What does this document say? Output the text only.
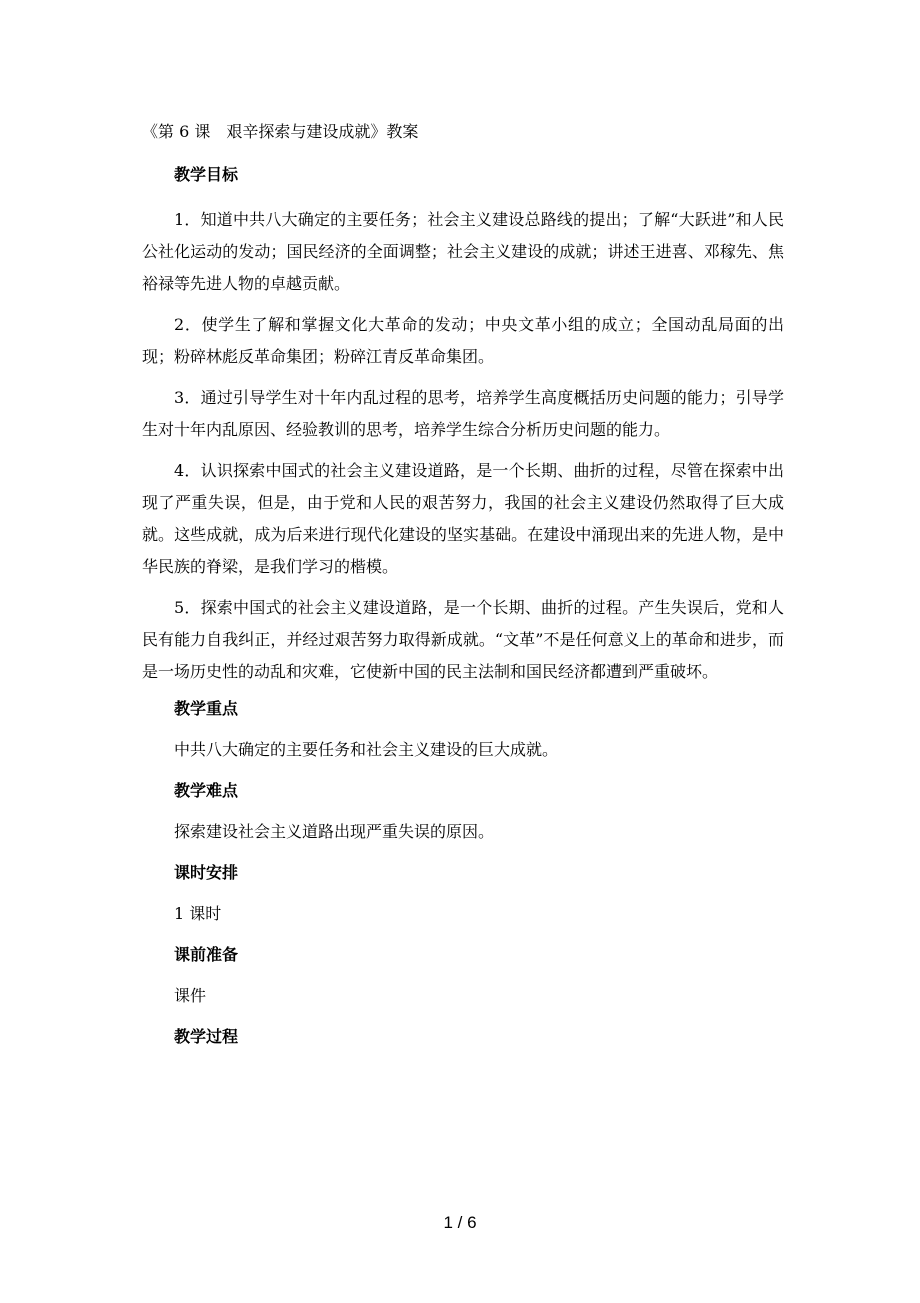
《第 6 课　艰辛探索与建设成就》教案

教学目标

1．知道中共八大确定的主要任务；社会主义建设总路线的提出；了解“大跃进”和人民公社化运动的发动；国民经济的全面调整；社会主义建设的成就；讲述王进喜、邓稼先、焦裕禄等先进人物的卓越贡献。

2．使学生了解和掌握文化大革命的发动；中央文革小组的成立；全国动乱局面的出现；粉碎林彪反革命集团；粉碎江青反革命集团。

3．通过引导学生对十年内乱过程的思考，培养学生高度概括历史问题的能力；引导学生对十年内乱原因、经验教训的思考，培养学生综合分析历史问题的能力。

4．认识探索中国式的社会主义建设道路，是一个长期、曲折的过程，尽管在探索中出现了严重失误，但是，由于党和人民的艰苦努力，我国的社会主义建设仍然取得了巨大成就。这些成就，成为后来进行现代化建设的坚实基础。在建设中涌现出来的先进人物，是中华民族的脊梁，是我们学习的楷模。

5．探索中国式的社会主义建设道路，是一个长期、曲折的过程。产生失误后，党和人民有能力自我纠正，并经过艰苦努力取得新成就。“文革”不是任何意义上的革命和进步，而是一场历史性的动乱和灾难，它使新中国的民主法制和国民经济都遭到严重破坏。

教学重点

中共八大确定的主要任务和社会主义建设的巨大成就。

教学难点

探索建设社会主义道路出现严重失误的原因。

课时安排

1 课时

课前准备

课件

教学过程

1 / 6
